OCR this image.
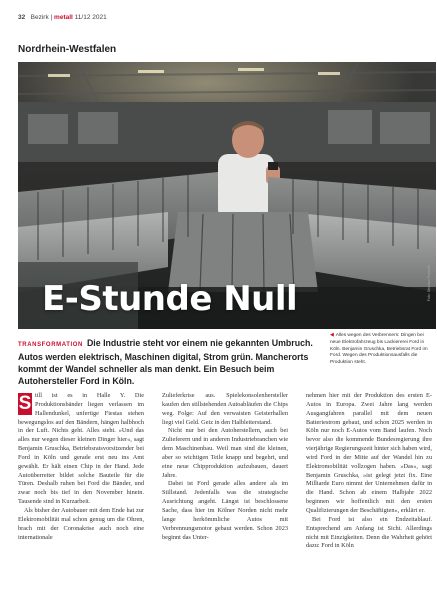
32 Bezirk | metall 11/12 2021
Nordrhein-Westfalen
Foto: Stephan Pramme
E-Stunde Null
◀ Alles wegen des Verbrenners: Dingen bei neue Elektrofahrzeug bis Lackiererei Ford in Köln. Benjamin Gruschka, Betriebsrat Ford im Ford. Wegen des Produktionsausfalls die Produktion steht.
TRANSFORMATION Die Industrie steht vor einem nie gekannten Umbruch. Autos werden elektrisch, Maschinen digital, Strom grün. Mancherorts kommt der Wandel schneller als man denkt. Ein Besuch beim Autohersteller Ford in Köln.

S till ist es in Halle Y. Die Produktionsbänder liegen verlassen im Hallendunkel, unfertige Fiestas stehen bewegungslos auf den Bändern, hängen halbhoch in der Luft. Nichts geht. Alles steht. »Und das alles nur wegen dieser kleinen Dinger hier«, sagt Benjamin Gruschka, Betriebsratsvorsitzender bei Ford in Köln und gerade erst neu ins Amt gewählt. Er hält einen Chip in der Hand. Jede Autoüberreiter bildet solche Bauteile für die Türen. Deshalb ruhen bei Ford die Bänder, und zwar noch bis tief in den November hinein. Tausende sind in Kurzarbeit.

Als bisher der Autobauer mit dem Ende hat zur Elektromobilität mal schon genug um die Ohren, brach mit der Coronakrise auch noch eine internationale

Zulieferkrise aus. Spielekonsolenhersteller kaufen den stillstehenden Autoabläufen die Chips weg. Folge: Auf den verwaisten Geisterhallen liegt viel Geld. Geiz in den Halbleiterstand.

Nicht nur bei den Autoherstellern, auch bei Zulieferern und in anderen Industriebranchen wie dem Maschinenbau. Weil man sind die kleinen, aber so wichtigen Teile knapp und begehrt, und eine neue Chipproduktion aufzubauen, dauert Jahre.

Dabei ist Ford gerade alles andere als im Stillstand. Jedenfalls was die strategische Ausrichtung angeht. Längst ist beschlossene Sache, dass hier im Kölner Norden nicht mehr lange herkömmliche Autos mit Verbrennungsmotor gebaut werden. Schon 2023 beginnt das Unter-

nehmen hier mit der Produktion des ersten E-Autos in Europa. Zwei Jahre lang werden Ausgangfahren parallel mit dem neuen Batteriestrom gebaut, und schon 2025 werden in Köln nur noch E-Autos vom Band laufen. Noch bevor also die kommende Bundesregierung ihre vierjährige Regierungszeit hinter sich haben wird, wird Ford in der Mitte auf der Wandel hin zu Elektromobilität vollzogen haben. »Das«, sagt Benjamin Gruschka, »ist gelegt jetzt fix. Eine Milliarde Euro nimmt der Unternehmen dafür in die Hand. Schon ab einem Halbjahr 2022 beginnen wir hoffentlich mit den ersten Qualifizierungen der Beschäftigten«, erklärt er.

Bei Ford ist also ein Endzeitablauf. Entsprechend am Anfang ist Sicht. Allerdings nicht mit Einzigkeiten. Denn die Wahrheit gehört dazu: Ford in Köln
